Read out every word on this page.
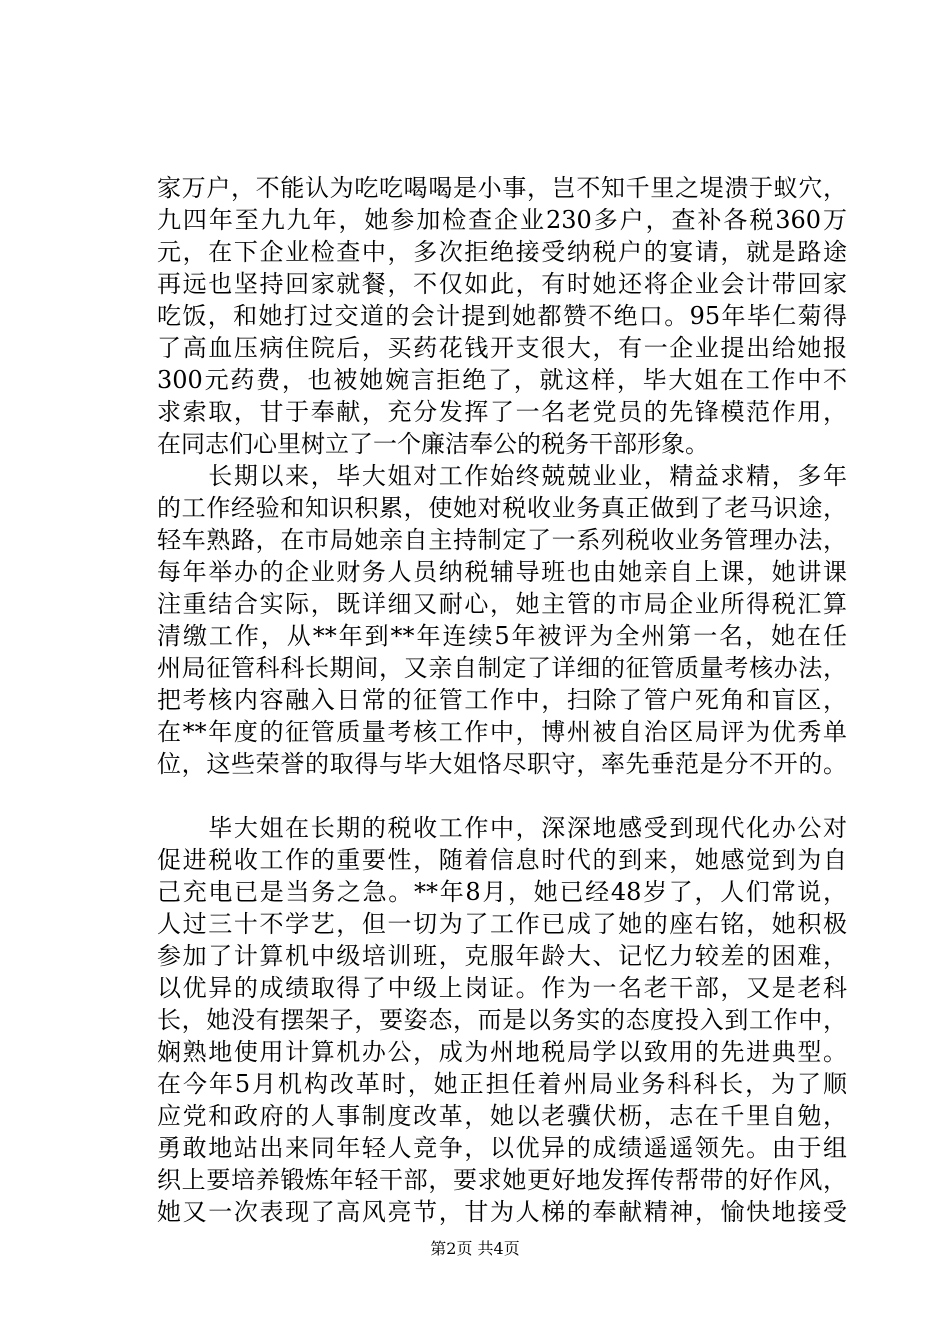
家万户，不能认为吃吃喝喝是小事，岂不知千里之堤溃于蚁穴，
九四年至九九年，她参加检查企业230多户，查补各税360万
元，在下企业检查中，多次拒绝接受纳税户的宴请，就是路途
再远也坚持回家就餐，不仅如此，有时她还将企业会计带回家
吃饭，和她打过交道的会计提到她都赞不绝口。95年毕仁菊得
了高血压病住院后，买药花钱开支很大，有一企业提出给她报
300元药费，也被她婉言拒绝了，就这样，毕大姐在工作中不
求索取，甘于奉献，充分发挥了一名老党员的先锋模范作用，
在同志们心里树立了一个廉洁奉公的税务干部形象。
　　长期以来，毕大姐对工作始终兢兢业业，精益求精，多年
的工作经验和知识积累，使她对税收业务真正做到了老马识途，
轻车熟路，在市局她亲自主持制定了一系列税收业务管理办法，
每年举办的企业财务人员纳税辅导班也由她亲自上课，她讲课
注重结合实际，既详细又耐心，她主管的市局企业所得税汇算
清缴工作，从**年到**年连续5年被评为全州第一名，她在任
州局征管科科长期间，又亲自制定了详细的征管质量考核办法，
把考核内容融入日常的征管工作中，扫除了管户死角和盲区，
在**年度的征管质量考核工作中，博州被自治区局评为优秀单
位，这些荣誉的取得与毕大姐恪尽职守，率先垂范是分不开的。
　　毕大姐在长期的税收工作中，深深地感受到现代化办公对
促进税收工作的重要性，随着信息时代的到来，她感觉到为自
己充电已是当务之急。**年8月，她已经48岁了，人们常说，
人过三十不学艺，但一切为了工作已成了她的座右铭，她积极
参加了计算机中级培训班，克服年龄大、记忆力较差的困难，
以优异的成绩取得了中级上岗证。作为一名老干部，又是老科
长，她没有摆架子，要姿态，而是以务实的态度投入到工作中，
娴熟地使用计算机办公，成为州地税局学以致用的先进典型。
在今年5月机构改革时，她正担任着州局业务科科长，为了顺
应党和政府的人事制度改革，她以老骥伏枥，志在千里自勉，
勇敢地站出来同年轻人竞争，以优异的成绩遥遥领先。由于组
织上要培养锻炼年轻干部，要求她更好地发挥传帮带的好作风，
她又一次表现了高风亮节，甘为人梯的奉献精神，愉快地接受
第2页 共4页
